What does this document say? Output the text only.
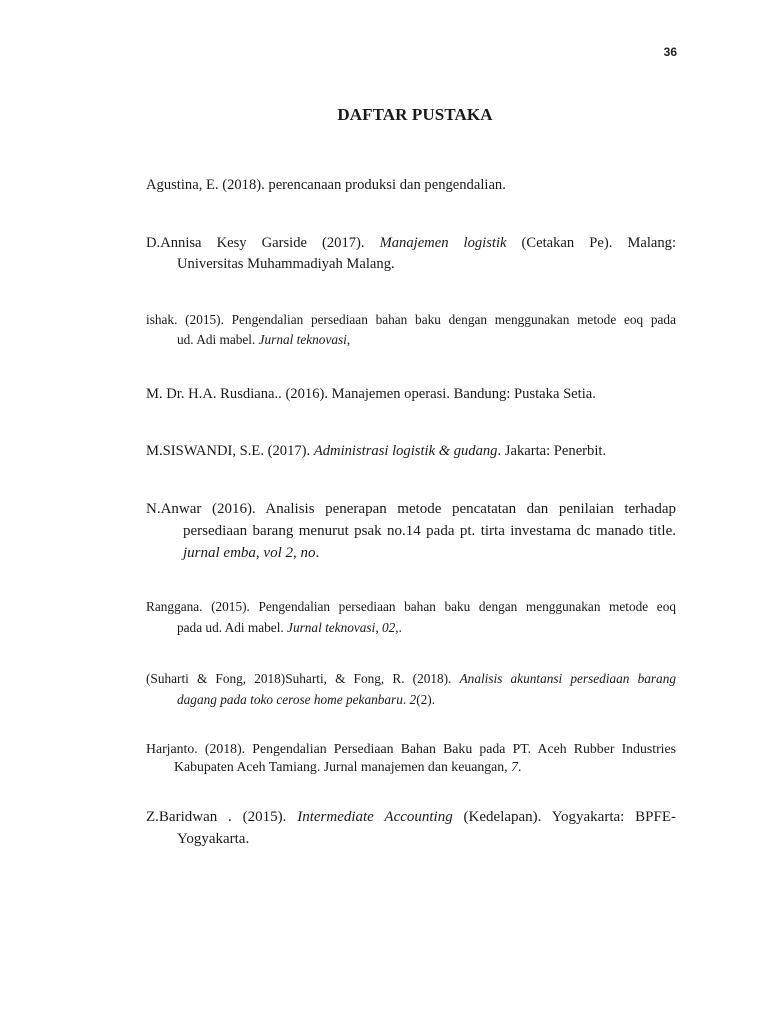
36
DAFTAR PUSTAKA
Agustina, E. (2018). perencanaan produksi dan pengendalian.
D.Annisa Kesy Garside (2017). Manajemen logistik (Cetakan Pe). Malang:
Universitas Muhammadiyah Malang.
ishak. (2015). Pengendalian persediaan bahan baku dengan menggunakan metode eoq pada
ud. Adi mabel. Jurnal teknovasi,
M. Dr. H.A. Rusdiana.. (2016). Manajemen operasi. Bandung: Pustaka Setia.
M.SISWANDI, S.E. (2017). Administrasi logistik & gudang. Jakarta: Penerbit.
N.Anwar (2016). Analisis penerapan metode pencatatan dan penilaian terhadap
persediaan barang menurut psak no.14 pada pt. tirta investama dc manado title.
jurnal emba, vol 2, no.
Ranggana. (2015). Pengendalian persediaan bahan baku dengan menggunakan metode eoq
pada ud. Adi mabel. Jurnal teknovasi, 02,.
(Suharti & Fong, 2018)Suharti, & Fong, R. (2018). Analisis akuntansi persediaan barang
dagang pada toko cerose home pekanbaru. 2(2).
Harjanto. (2018). Pengendalian Persediaan Bahan Baku pada PT. Aceh Rubber Industries
Kabupaten Aceh Tamiang. Jurnal manajemen dan keuangan, 7.
Z.Baridwan . (2015). Intermediate Accounting (Kedelapan). Yogyakarta: BPFE-
Yogyakarta.
